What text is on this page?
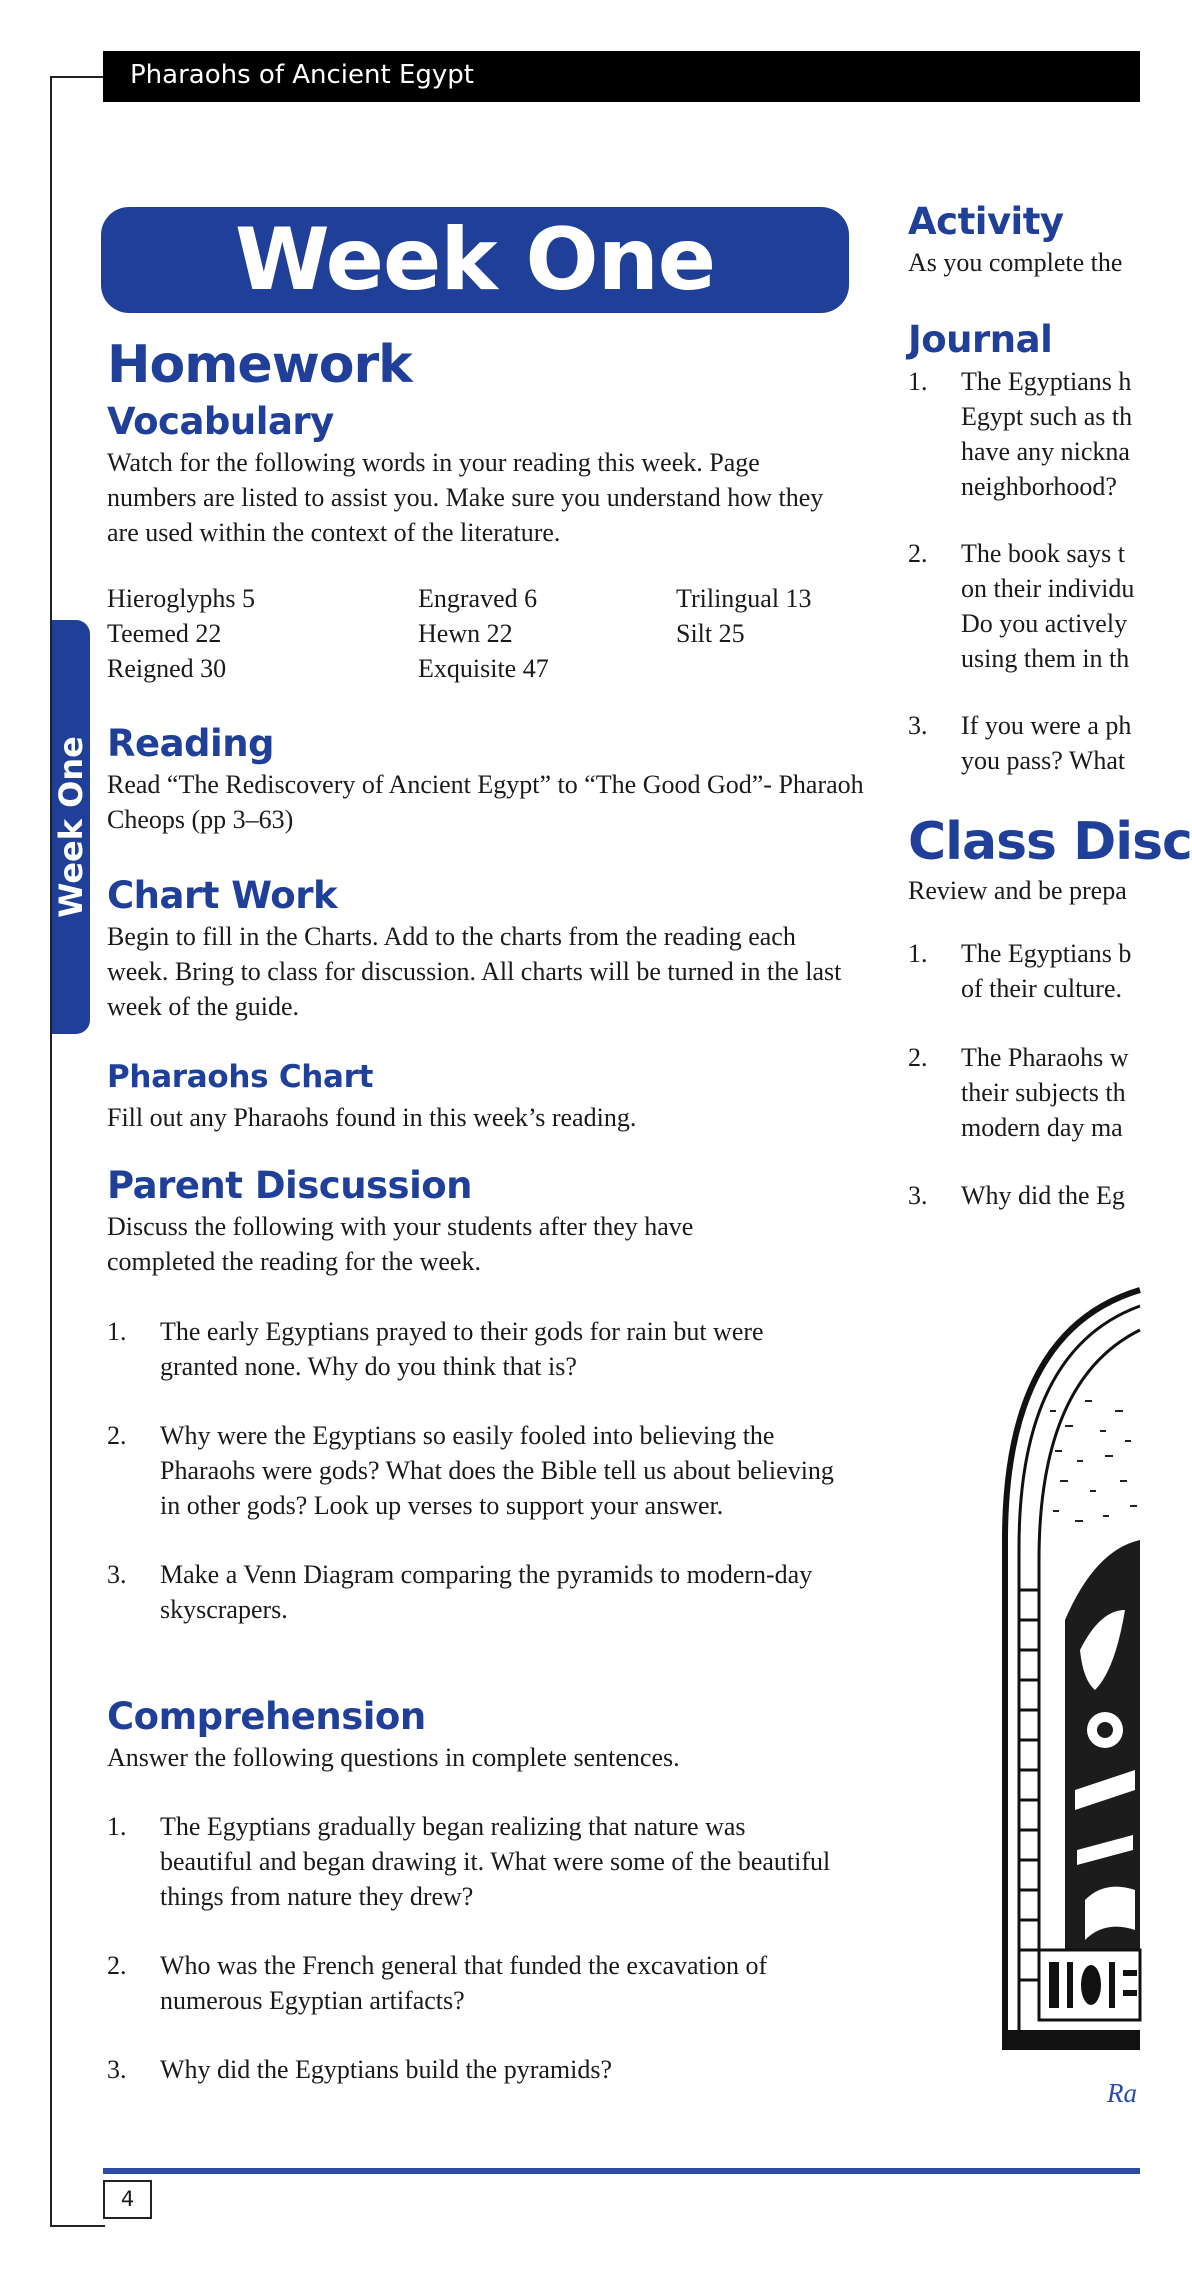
Pharaohs of Ancient Egypt
Week One
Week One
Homework
Vocabulary

Watch for the following words in your reading this week. Page numbers are listed to assist you. Make sure you understand how they are used within the context of the literature.

Hieroglyphs 5
Teemed 22
Reigned 30
Engraved 6
Hewn 22
Exquisite 47
Trilingual 13
Silt 25
Reading
Read “The Rediscovery of Ancient Egypt” to “The Good God”- Pharaoh Cheops (pp 3–63)
Chart Work
Begin to fill in the Charts. Add to the charts from the reading each week. Bring to class for discussion. All charts will be turned in the last week of the guide.
Pharaohs Chart
Fill out any Pharaohs found in this week’s reading.
Parent Discussion
Discuss the following with your students after they have completed the reading for the week.
1. The early Egyptians prayed to their gods for rain but were granted none. Why do you think that is?
2. Why were the Egyptians so easily fooled into believing the Pharaohs were gods? What does the Bible tell us about believing in other gods? Look up verses to support your answer.
3. Make a Venn Diagram comparing the pyramids to modern-day skyscrapers.
Comprehension
Answer the following questions in complete sentences.
1. The Egyptians gradually began realizing that nature was beautiful and began drawing it. What were some of the beautiful things from nature they drew?
2. Who was the French general that funded the excavation of numerous Egyptian artifacts?
3. Why did the Egyptians build the pyramids?
Activity
As you complete the
Journal
1. The Egyptians h
Egypt such as th
have any nickna
neighborhood?
2. The book says t
on their individu
Do you actively
using them in th
3. If you were a ph
you pass? What
Class Disc
Review and be prepa
1. The Egyptians b
of their culture.
2. The Pharaohs w
their subjects th
modern day ma
3. Why did the Eg
Ra
4
